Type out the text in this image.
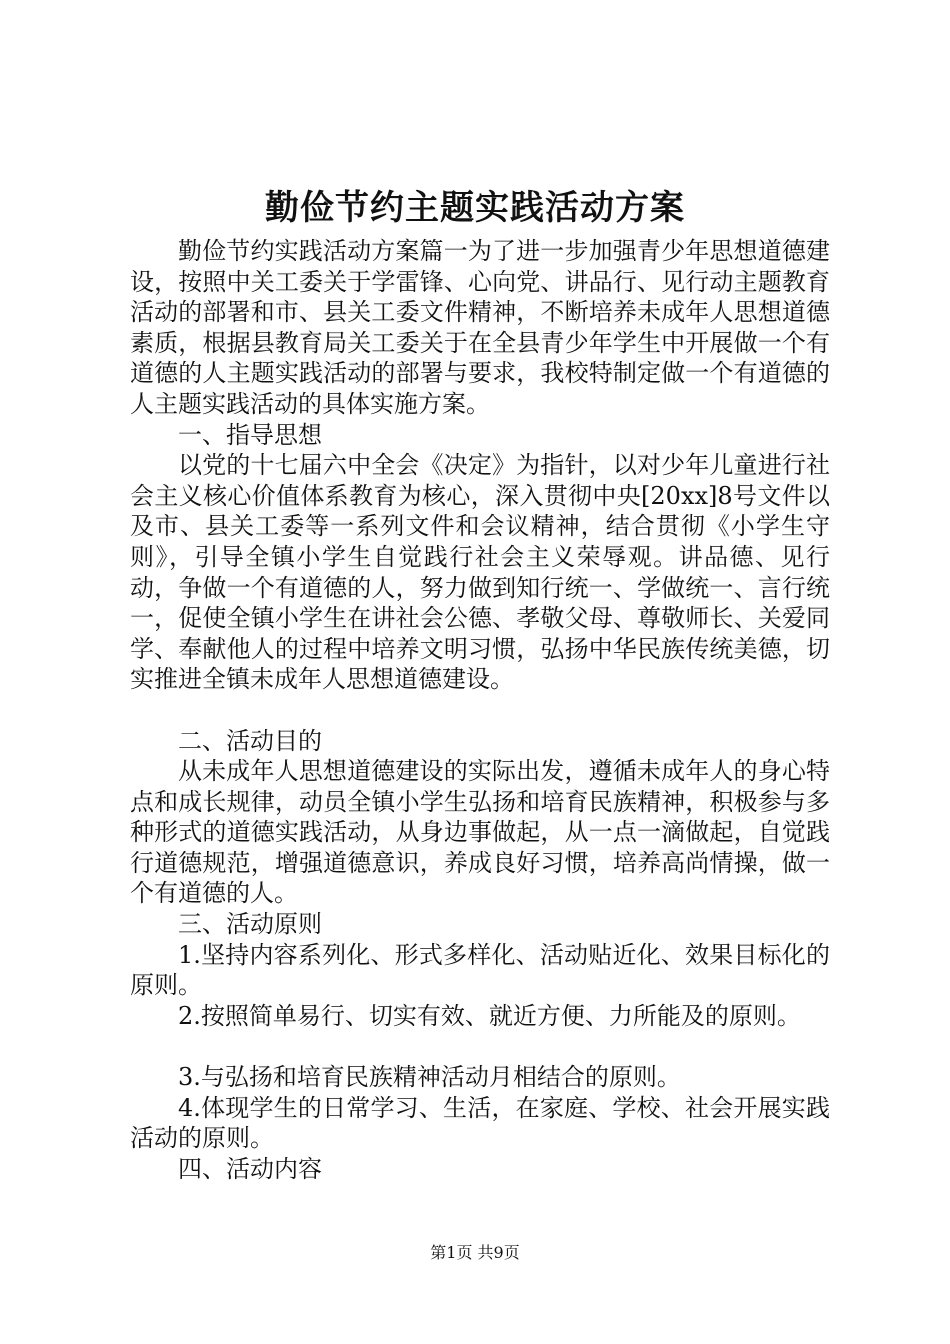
勤俭节约主题实践活动方案

勤俭节约实践活动方案篇一为了进一步加强青少年思想道德建设，按照中关工委关于学雷锋、心向党、讲品行、见行动主题教育活动的部署和市、县关工委文件精神，不断培养未成年人思想道德素质，根据县教育局关工委关于在全县青少年学生中开展做一个有道德的人主题实践活动的部署与要求，我校特制定做一个有道德的人主题实践活动的具体实施方案。

一、指导思想

以党的十七届六中全会《决定》为指针，以对少年儿童进行社会主义核心价值体系教育为核心，深入贯彻中央[20xx]8号文件以及市、县关工委等一系列文件和会议精神，结合贯彻《小学生守则》，引导全镇小学生自觉践行社会主义荣辱观。讲品德、见行动，争做一个有道德的人，努力做到知行统一、学做统一、言行统一，促使全镇小学生在讲社会公德、孝敬父母、尊敬师长、关爱同学、奉献他人的过程中培养文明习惯，弘扬中华民族传统美德，切实推进全镇未成年人思想道德建设。

二、活动目的

从未成年人思想道德建设的实际出发，遵循未成年人的身心特点和成长规律，动员全镇小学生弘扬和培育民族精神，积极参与多种形式的道德实践活动，从身边事做起，从一点一滴做起，自觉践行道德规范，增强道德意识，养成良好习惯，培养高尚情操，做一个有道德的人。

三、活动原则

1.坚持内容系列化、形式多样化、活动贴近化、效果目标化的原则。

2.按照简单易行、切实有效、就近方便、力所能及的原则。

3.与弘扬和培育民族精神活动月相结合的原则。

4.体现学生的日常学习、生活，在家庭、学校、社会开展实践活动的原则。

四、活动内容

第1页 共9页
